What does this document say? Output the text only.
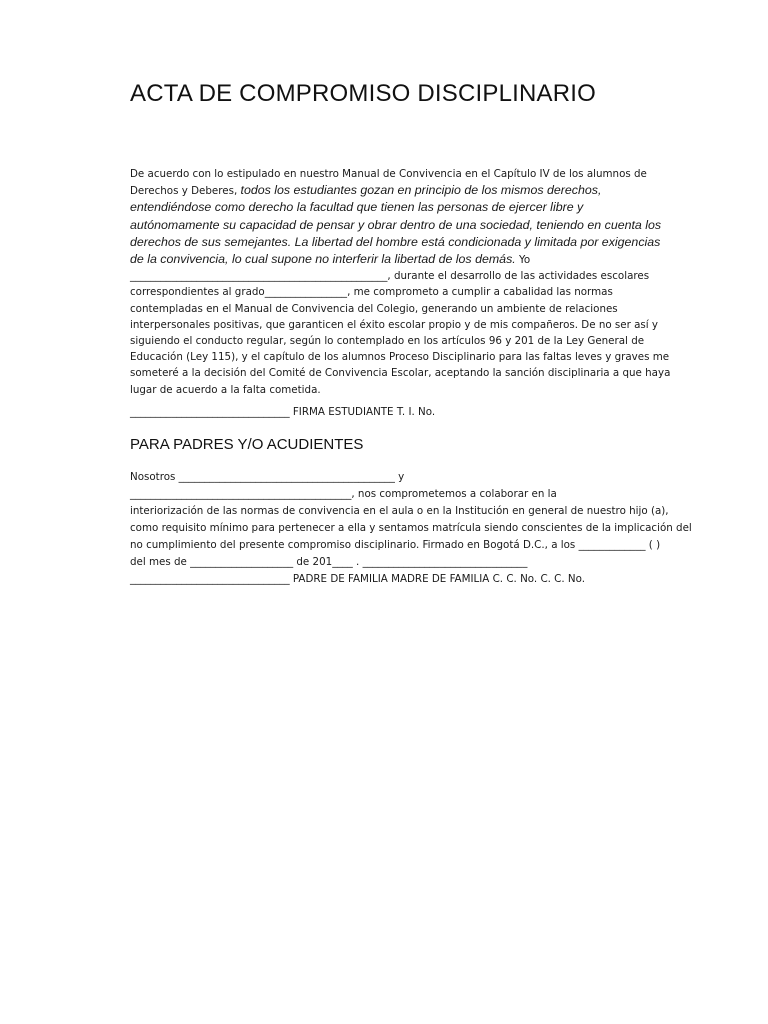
ACTA DE COMPROMISO DISCIPLINARIO
De acuerdo con lo estipulado en nuestro Manual de Convivencia en el Capítulo IV de los alumnos de Derechos y Deberes, todos los estudiantes gozan en principio de los mismos derechos, entendiéndose como derecho la facultad que tienen las personas de ejercer libre y autónomamente su capacidad de pensar y obrar dentro de una sociedad, teniendo en cuenta los derechos de sus semejantes. La libertad del hombre está condicionada y limitada por exigencias de la convivencia, lo cual supone no interferir la libertad de los demás. Yo __________________________________________________, durante el desarrollo de las actividades escolares correspondientes al grado________________, me comprometo a cumplir a cabalidad las normas contempladas en el Manual de Convivencia del Colegio, generando un ambiente de relaciones interpersonales positivas, que garanticen el éxito escolar propio y de mis compañeros. De no ser así y siguiendo el conducto regular, según lo contemplado en los artículos 96 y 201 de la Ley General de Educación (Ley 115), y el capítulo de los alumnos Proceso Disciplinario para las faltas leves y graves me someteré a la decisión del Comité de Convivencia Escolar, aceptando la sanción disciplinaria a que haya lugar de acuerdo a la falta cometida.
_______________________________ FIRMA ESTUDIANTE T. I. No.
PARA PADRES Y/O ACUDIENTES
Nosotros __________________________________________ y
___________________________________________, nos comprometemos a colaborar en la
interiorización de las normas de convivencia en el aula o en la Institución en general de nuestro hijo (a),
como requisito mínimo para pertenecer a ella y sentamos matrícula siendo conscientes de la implicación del
no cumplimiento del presente compromiso disciplinario. Firmado en Bogotá D.C., a los _____________ ( )
del mes de ____________________ de 201____ . ________________________________
_______________________________ PADRE DE FAMILIA MADRE DE FAMILIA C. C. No. C. C. No.
